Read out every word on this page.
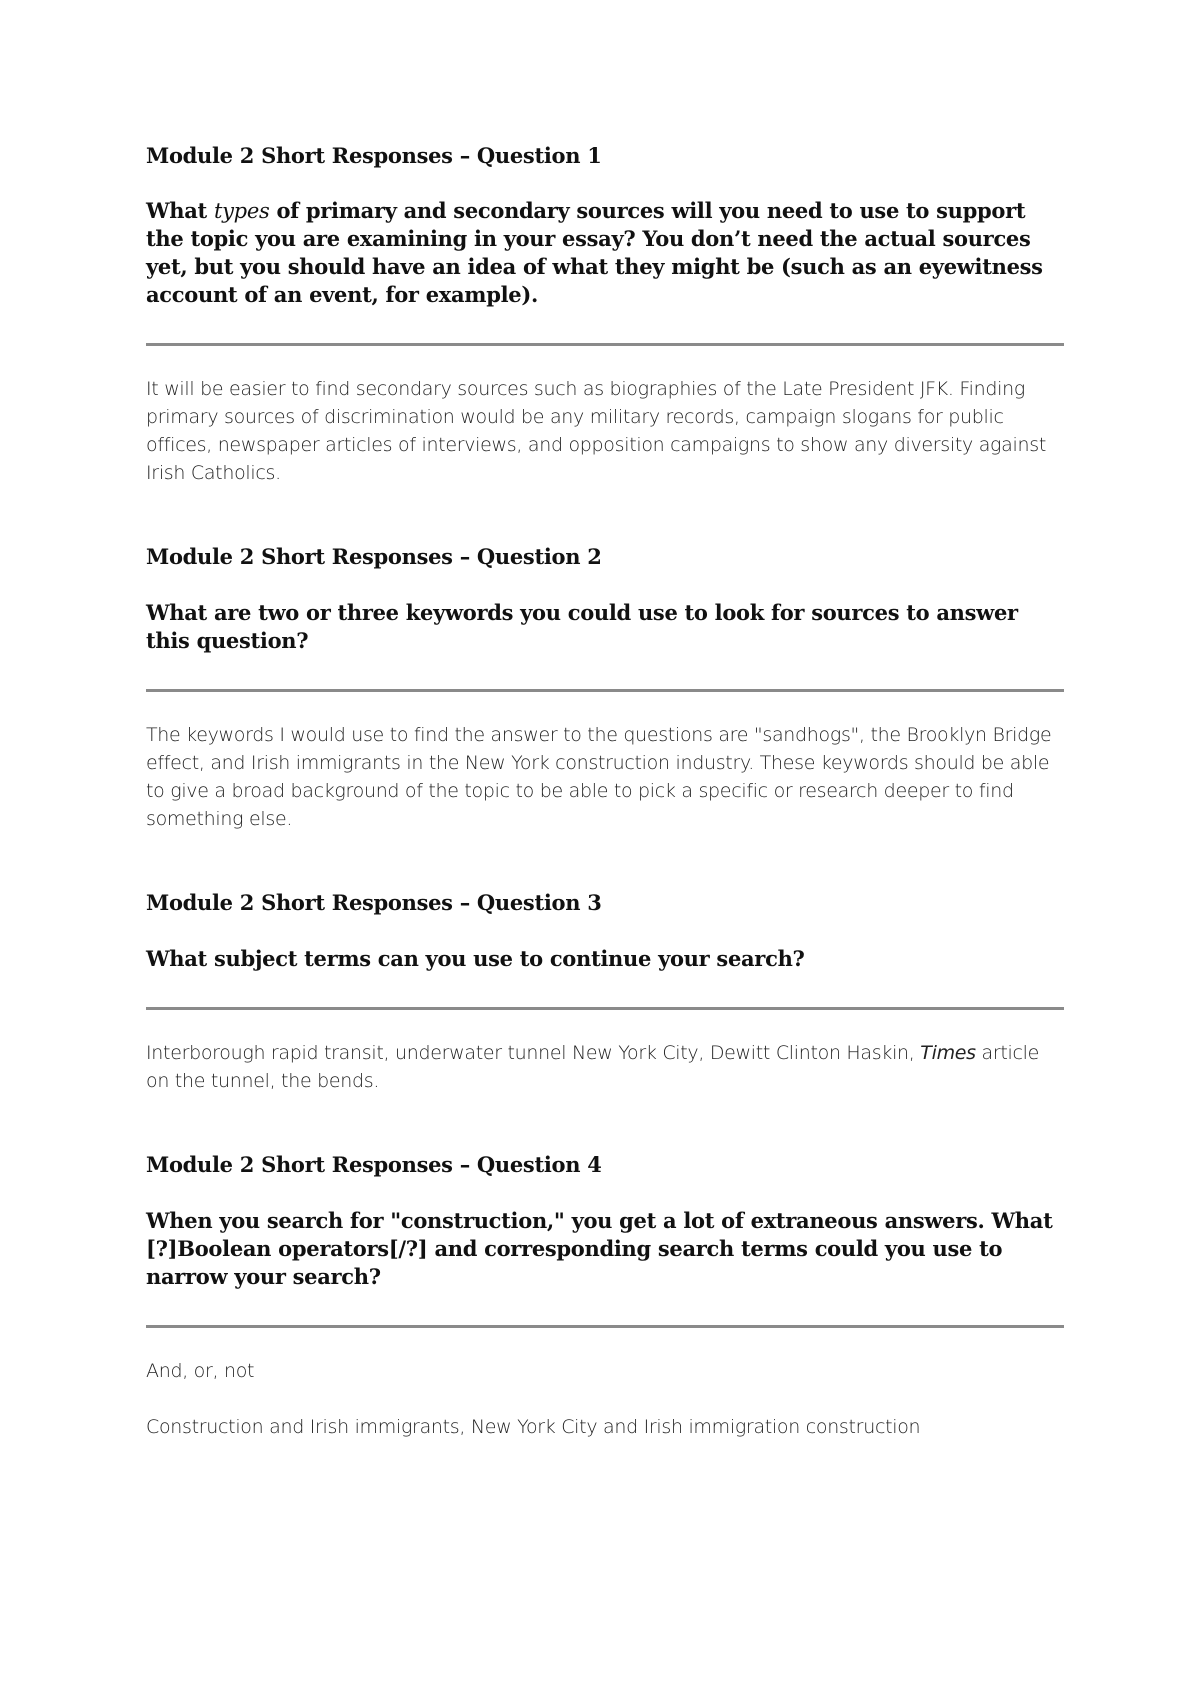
Module 2 Short Responses – Question 1
What types of primary and secondary sources will you need to use to support the topic you are examining in your essay? You don’t need the actual sources yet, but you should have an idea of what they might be (such as an eyewitness account of an event, for example).
It will be easier to find secondary sources such as biographies of the Late President JFK. Finding primary sources of discrimination would be any military records, campaign slogans for public offices, newspaper articles of interviews, and opposition campaigns to show any diversity against Irish Catholics.
Module 2 Short Responses – Question 2
What are two or three keywords you could use to look for sources to answer this question?
The keywords I would use to find the answer to the questions are "sandhogs", the Brooklyn Bridge effect, and Irish immigrants in the New York construction industry. These keywords should be able to give a broad background of the topic to be able to pick a specific or research deeper to find something else.
Module 2 Short Responses – Question 3
What subject terms can you use to continue your search?
Interborough rapid transit, underwater tunnel New York City, Dewitt Clinton Haskin, Times article on the tunnel, the bends.
Module 2 Short Responses – Question 4
When you search for "construction," you get a lot of extraneous answers. What [?]Boolean operators[/?] and corresponding search terms could you use to narrow your search?
And, or, not
Construction and Irish immigrants, New York City and Irish immigration construction
